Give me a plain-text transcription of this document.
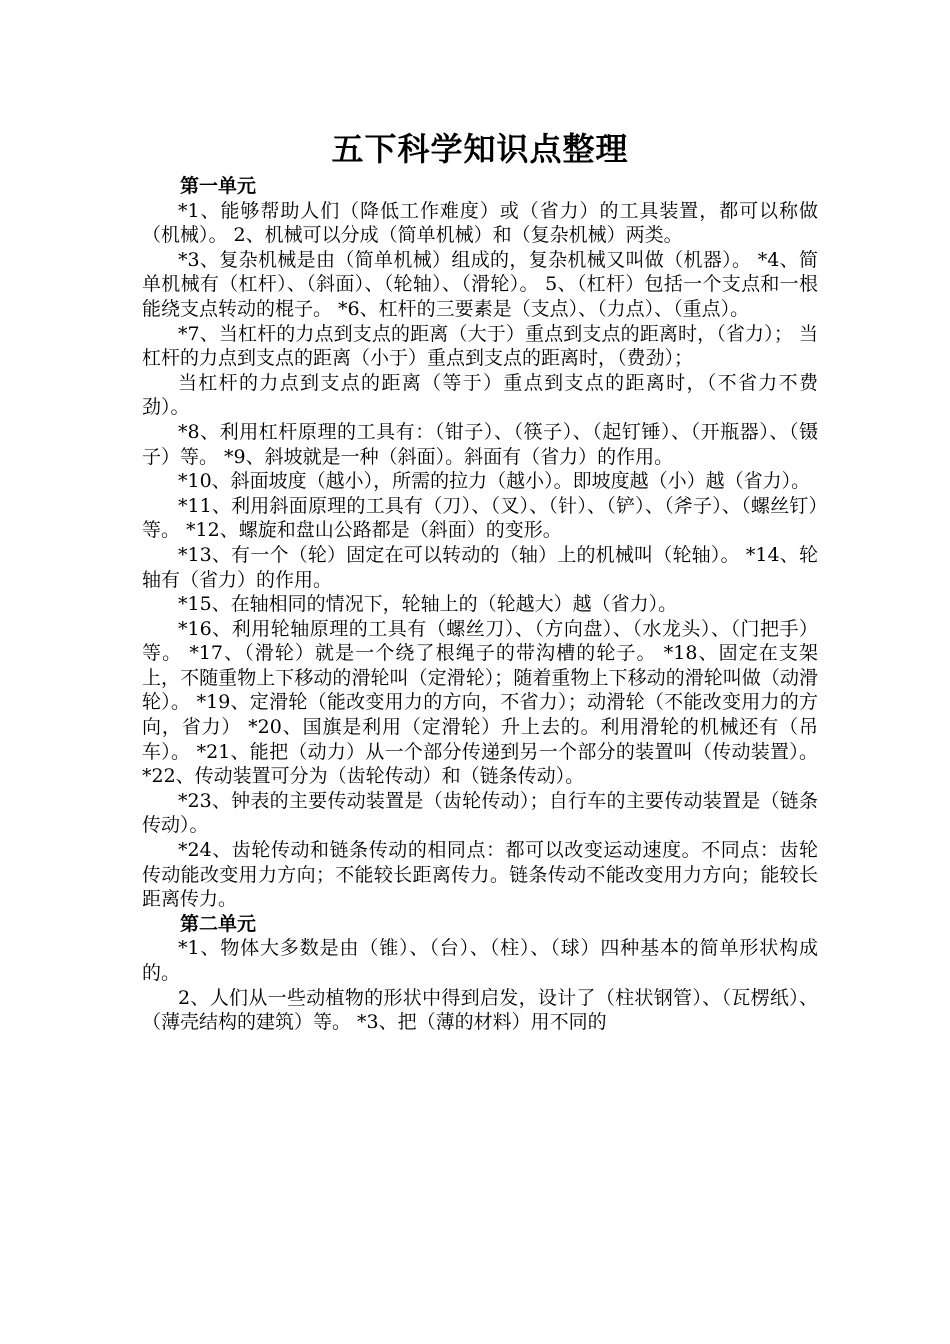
五下科学知识点整理
第一单元

*1、能够帮助人们（降低工作难度）或（省力）的工具装置，都可以称做（机械）。 2、机械可以分成（简单机械）和（复杂机械）两类。

*3、复杂机械是由（简单机械）组成的，复杂机械又叫做（机器）。 *4、简单机械有（杠杆）、（斜面）、（轮轴）、（滑轮）。 5、（杠杆）包括一个支点和一根能绕支点转动的棍子。 *6、杠杆的三要素是（支点）、（力点）、（重点）。

*7、当杠杆的力点到支点的距离（大于）重点到支点的距离时，（省力）； 当杠杆的力点到支点的距离（小于）重点到支点的距离时，（费劲）；

当杠杆的力点到支点的距离（等于）重点到支点的距离时，（不省力不费劲）。

*8、利用杠杆原理的工具有：（钳子）、（筷子）、（起钉锤）、（开瓶器）、（镊子）等。 *9、斜坡就是一种（斜面）。斜面有（省力）的作用。

*10、斜面坡度（越小），所需的拉力（越小）。即坡度越（小）越（省力）。

*11、利用斜面原理的工具有（刀）、（叉）、（针）、（铲）、（斧子）、（螺丝钉）等。 *12、螺旋和盘山公路都是（斜面）的变形。

*13、有一个（轮）固定在可以转动的（轴）上的机械叫（轮轴）。 *14、轮轴有（省力）的作用。

*15、在轴相同的情况下，轮轴上的（轮越大）越（省力）。

*16、利用轮轴原理的工具有（螺丝刀）、（方向盘）、（水龙头）、（门把手）等。 *17、（滑轮）就是一个绕了根绳子的带沟槽的轮子。 *18、固定在支架上，不随重物上下移动的滑轮叫（定滑轮）；随着重物上下移动的滑轮叫做（动滑轮）。 *19、定滑轮（能改变用力的方向，不省力）；动滑轮（不能改变用力的方向，省力） *20、国旗是利用（定滑轮）升上去的。利用滑轮的机械还有（吊车）。 *21、能把（动力）从一个部分传递到另一个部分的装置叫（传动装置）。 *22、传动装置可分为（齿轮传动）和（链条传动）。

*23、钟表的主要传动装置是（齿轮传动）；自行车的主要传动装置是（链条传动）。

*24、齿轮传动和链条传动的相同点：都可以改变运动速度。不同点：齿轮传动能改变用力方向；不能较长距离传力。链条传动不能改变用力方向；能较长距离传力。

第二单元

*1、物体大多数是由（锥）、（台）、（柱）、（球）四种基本的简单形状构成的。

2、人们从一些动植物的形状中得到启发，设计了（柱状钢管）、（瓦楞纸）、（薄壳结构的建筑）等。 *3、把（薄的材料）用不同的
